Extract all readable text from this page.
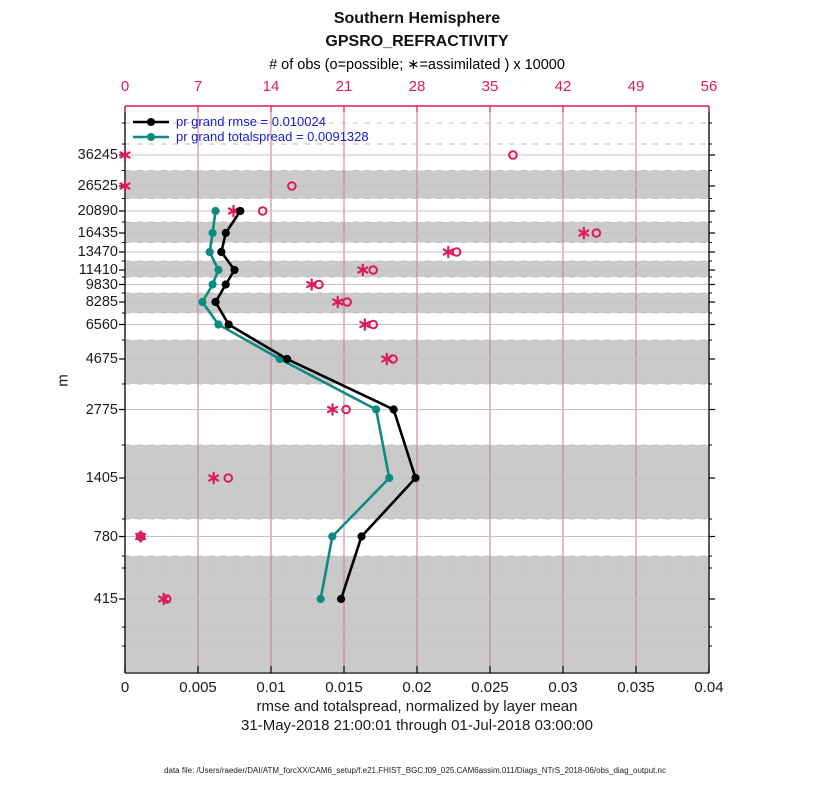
Southern Hemisphere
GPSRO_REFRACTIVITY
# of obs (o=possible; ∗=assimilated ) x 10000
m
pr grand rmse = 0.010024
pr grand totalspread = 0.0091328
0	7	14	21	28	35	42	49	56
0	0.005	0.01	0.015	0.02	0.025	0.03	0.035	0.04
36245
26525
20890
16435
13470
11410
9830
8285
6560
4675
2775
1405
780
415
rmse and totalspread, normalized by layer mean
31-May-2018 21:00:01 through 01-Jul-2018 03:00:00
data file: /Users/raeder/DAI/ATM_forcXX/CAM6_setup/f.e21.FHIST_BGC.f09_025.CAM6assim.011/Diags_NTrS_2018-06/obs_diag_output.nc
